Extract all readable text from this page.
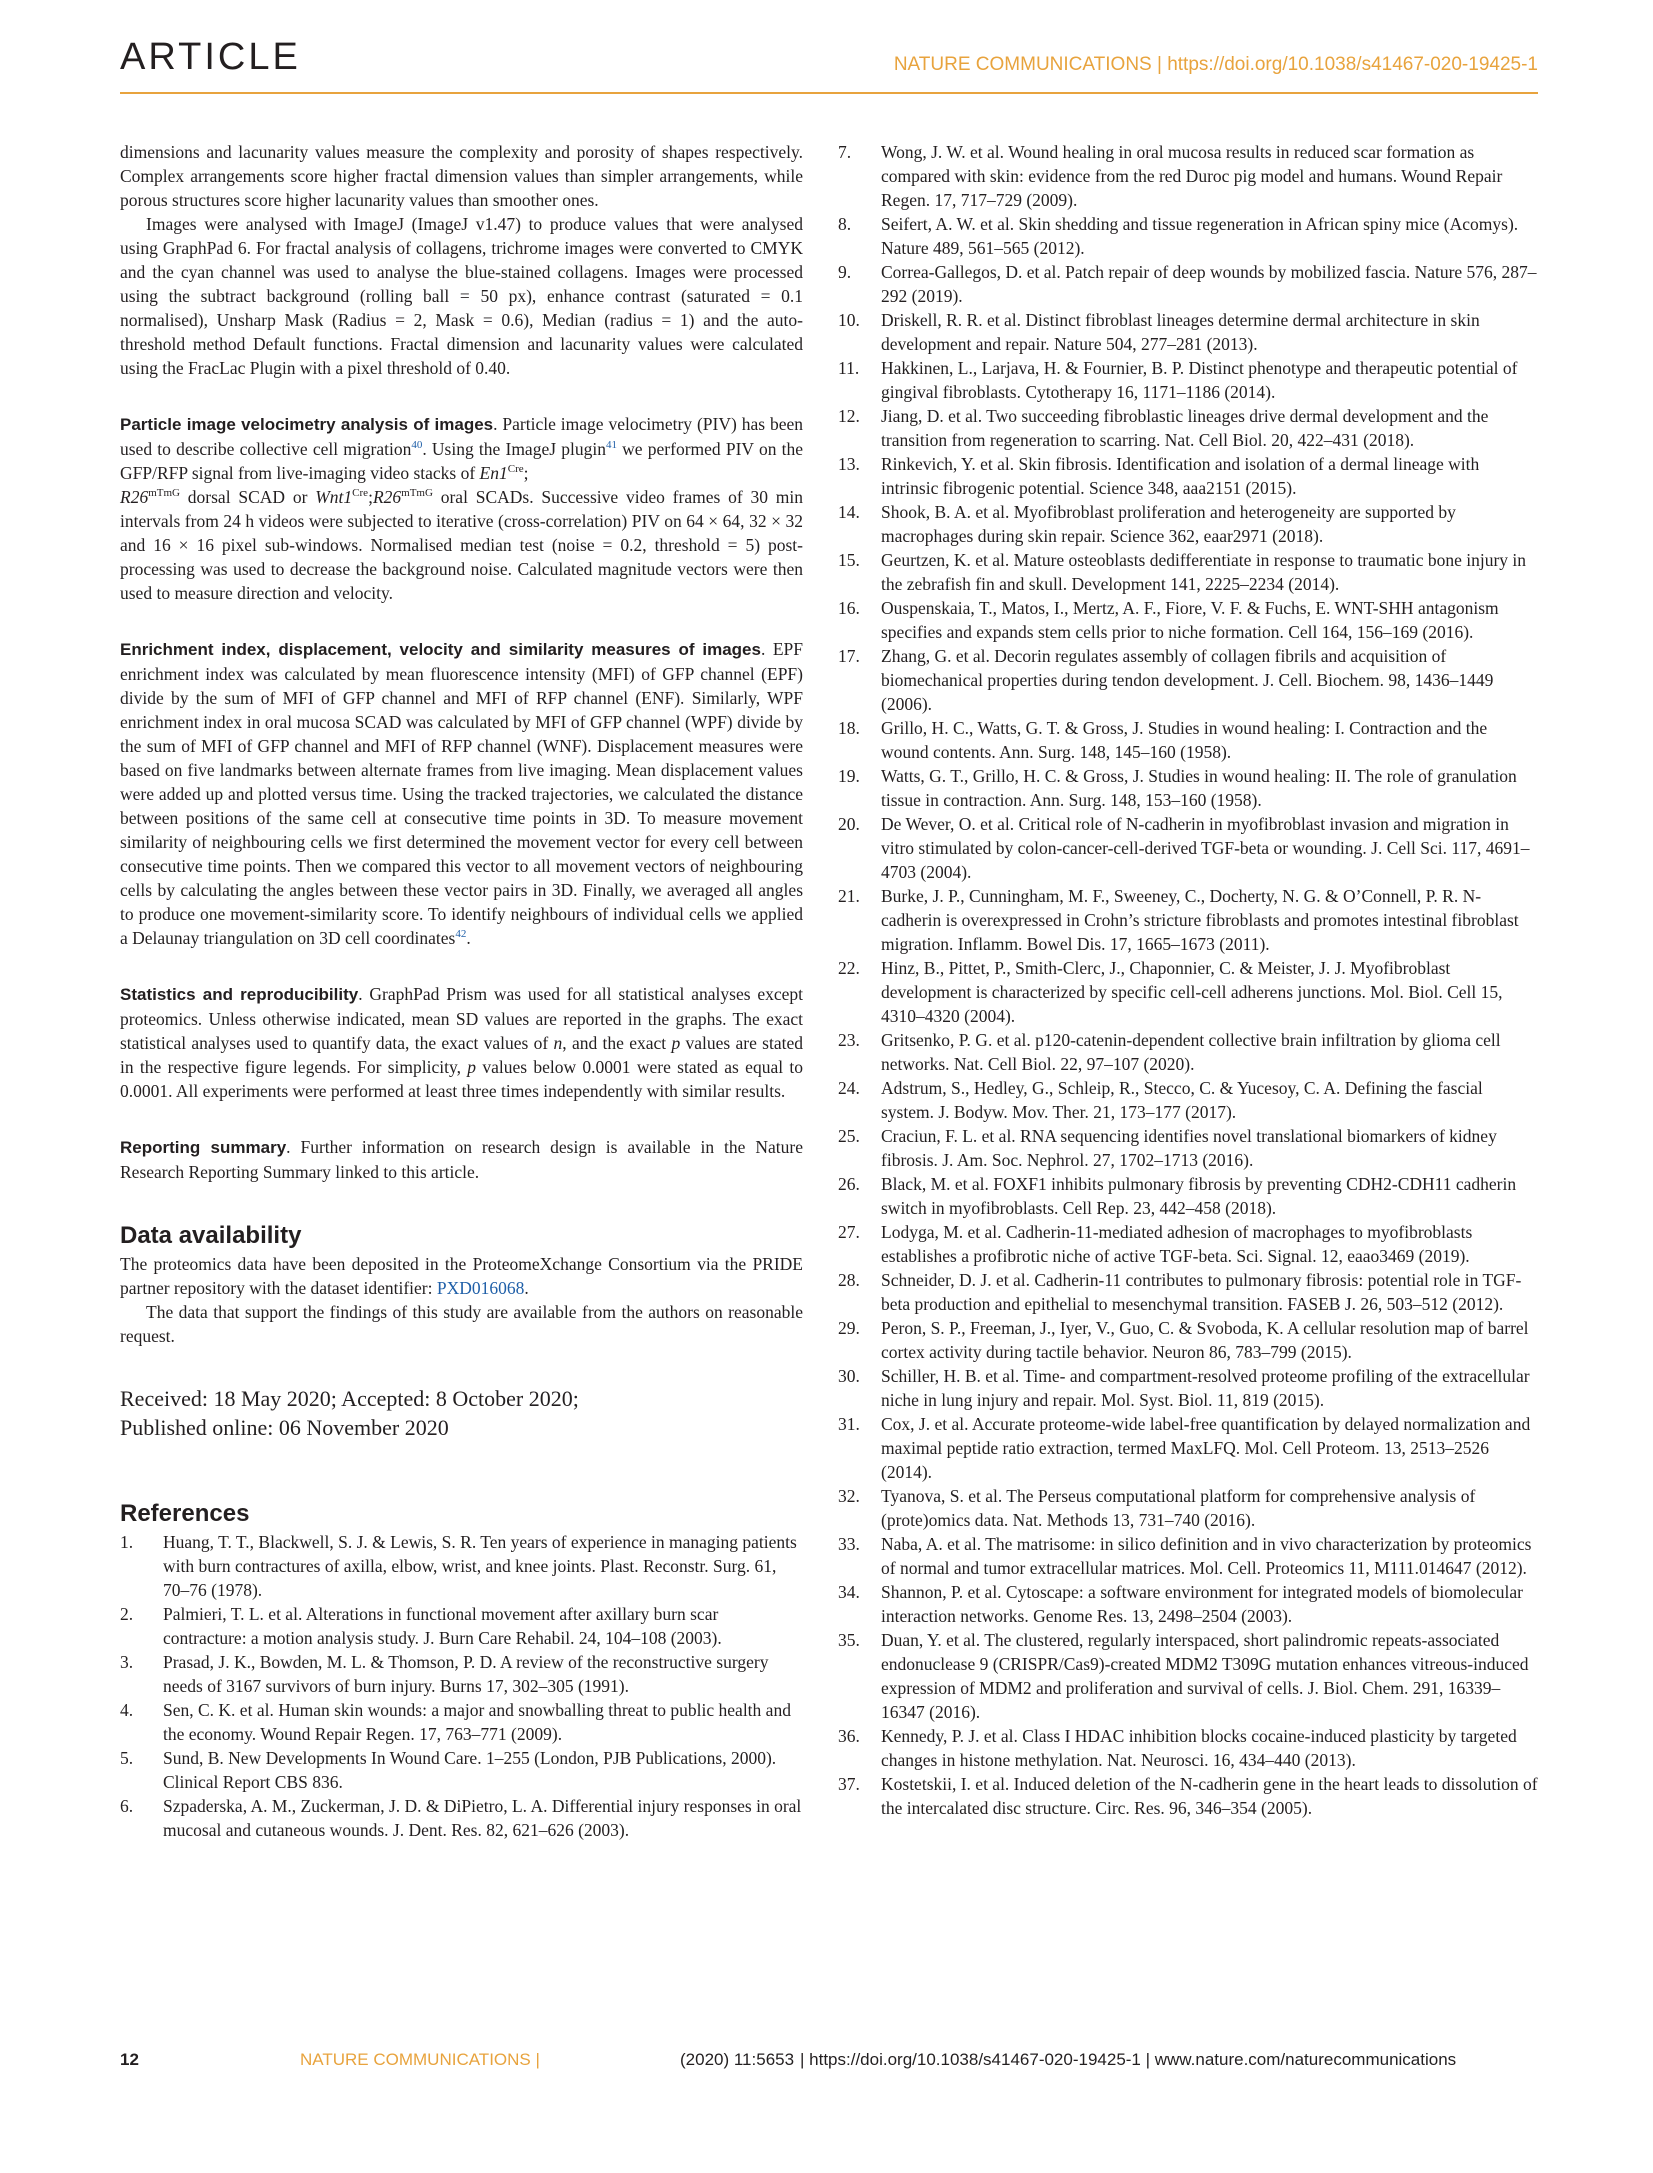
ARTICLE	NATURE COMMUNICATIONS | https://doi.org/10.1038/s41467-020-19425-1

dimensions and lacunarity values measure the complexity and porosity of shapes respectively. Complex arrangements score higher fractal dimension values than simpler arrangements, while porous structures score higher lacunarity values than smoother ones.

Images were analysed with ImageJ (ImageJ v1.47) to produce values that were analysed using GraphPad 6. For fractal analysis of collagens, trichrome images were converted to CMYK and the cyan channel was used to analyse the blue-stained collagens. Images were processed using the subtract background (rolling ball = 50 px), enhance contrast (saturated = 0.1 normalised), Unsharp Mask (Radius = 2, Mask = 0.6), Median (radius = 1) and the auto-threshold method Default functions. Fractal dimension and lacunarity values were calculated using the FracLac Plugin with a pixel threshold of 0.40.

Particle image velocimetry analysis of images. Particle image velocimetry (PIV) has been used to describe collective cell migration$^{40}$. Using the ImageJ plugin$^{41}$ we performed PIV on the GFP/RFP signal from live-imaging video stacks of $En1^{Cre}$;
$R26^{mTmG}$ dorsal SCAD or $Wnt1^{Cre};R26^{mTmG}$ oral SCADs. Successive video frames of 30 min intervals from 24 h videos were subjected to iterative (cross-correlation) PIV on 64 × 64, 32 × 32 and 16 × 16 pixel sub-windows. Normalised median test (noise = 0.2, threshold = 5) post-processing was used to decrease the background noise. Calculated magnitude vectors were then used to measure direction and velocity.

Enrichment index, displacement, velocity and similarity measures of images. EPF enrichment index was calculated by mean fluorescence intensity (MFI) of GFP channel (EPF) divide by the sum of MFI of GFP channel and MFI of RFP channel (ENF). Similarly, WPF enrichment index in oral mucosa SCAD was calculated by MFI of GFP channel (WPF) divide by the sum of MFI of GFP channel and MFI of RFP channel (WNF). Displacement measures were based on five landmarks between alternate frames from live imaging. Mean displacement values were added up and plotted versus time. Using the tracked trajectories, we calculated the distance between positions of the same cell at consecutive time points in 3D. To measure movement similarity of neighbouring cells we first determined the movement vector for every cell between consecutive time points. Then we compared this vector to all movement vectors of neighbouring cells by calculating the angles between these vector pairs in 3D. Finally, we averaged all angles to produce one movement-similarity score. To identify neighbours of individual cells we applied a Delaunay triangulation on 3D cell coordinates$^{42}$.

Statistics and reproducibility. GraphPad Prism was used for all statistical analyses except proteomics. Unless otherwise indicated, mean SD values are reported in the graphs. The exact statistical analyses used to quantify data, the exact values of n, and the exact p values are stated in the respective figure legends. For simplicity, p values below 0.0001 were stated as equal to 0.0001. All experiments were performed at least three times independently with similar results.

Reporting summary. Further information on research design is available in the Nature Research Reporting Summary linked to this article.

Data availability

The proteomics data have been deposited in the ProteomeXchange Consortium via the PRIDE partner repository with the dataset identifier: PXD016068.

The data that support the findings of this study are available from the authors on reasonable request.

Received: 18 May 2020; Accepted: 8 October 2020;
Published online: 06 November 2020
References
1.	Huang, T. T., Blackwell, S. J. & Lewis, S. R. Ten years of experience in managing patients with burn contractures of axilla, elbow, wrist, and knee joints. Plast. Reconstr. Surg. 61, 70–76 (1978).
2.	Palmieri, T. L. et al. Alterations in functional movement after axillary burn scar contracture: a motion analysis study. J. Burn Care Rehabil. 24, 104–108 (2003).
3.	Prasad, J. K., Bowden, M. L. & Thomson, P. D. A review of the reconstructive surgery needs of 3167 survivors of burn injury. Burns 17, 302–305 (1991).
4.	Sen, C. K. et al. Human skin wounds: a major and snowballing threat to public health and the economy. Wound Repair Regen. 17, 763–771 (2009).
5.	Sund, B. New Developments In Wound Care. 1–255 (London, PJB Publications, 2000). Clinical Report CBS 836.
6.	Szpaderska, A. M., Zuckerman, J. D. & DiPietro, L. A. Differential injury responses in oral mucosal and cutaneous wounds. J. Dent. Res. 82, 621–626 (2003).
7.	Wong, J. W. et al. Wound healing in oral mucosa results in reduced scar formation as compared with skin: evidence from the red Duroc pig model and humans. Wound Repair Regen. 17, 717–729 (2009).
8.	Seifert, A. W. et al. Skin shedding and tissue regeneration in African spiny mice (Acomys). Nature 489, 561–565 (2012).
9.	Correa-Gallegos, D. et al. Patch repair of deep wounds by mobilized fascia. Nature 576, 287–292 (2019).
10.	Driskell, R. R. et al. Distinct fibroblast lineages determine dermal architecture in skin development and repair. Nature 504, 277–281 (2013).
11.	Hakkinen, L., Larjava, H. & Fournier, B. P. Distinct phenotype and therapeutic potential of gingival fibroblasts. Cytotherapy 16, 1171–1186 (2014).
12.	Jiang, D. et al. Two succeeding fibroblastic lineages drive dermal development and the transition from regeneration to scarring. Nat. Cell Biol. 20, 422–431 (2018).
13.	Rinkevich, Y. et al. Skin fibrosis. Identification and isolation of a dermal lineage with intrinsic fibrogenic potential. Science 348, aaa2151 (2015).
14.	Shook, B. A. et al. Myofibroblast proliferation and heterogeneity are supported by macrophages during skin repair. Science 362, eaar2971 (2018).
15.	Geurtzen, K. et al. Mature osteoblasts dedifferentiate in response to traumatic bone injury in the zebrafish fin and skull. Development 141, 2225–2234 (2014).
16.	Ouspenskaia, T., Matos, I., Mertz, A. F., Fiore, V. F. & Fuchs, E. WNT-SHH antagonism specifies and expands stem cells prior to niche formation. Cell 164, 156–169 (2016).
17.	Zhang, G. et al. Decorin regulates assembly of collagen fibrils and acquisition of biomechanical properties during tendon development. J. Cell. Biochem. 98, 1436–1449 (2006).
18.	Grillo, H. C., Watts, G. T. & Gross, J. Studies in wound healing: I. Contraction and the wound contents. Ann. Surg. 148, 145–160 (1958).
19.	Watts, G. T., Grillo, H. C. & Gross, J. Studies in wound healing: II. The role of granulation tissue in contraction. Ann. Surg. 148, 153–160 (1958).
20.	De Wever, O. et al. Critical role of N-cadherin in myofibroblast invasion and migration in vitro stimulated by colon-cancer-cell-derived TGF-beta or wounding. J. Cell Sci. 117, 4691–4703 (2004).
21.	Burke, J. P., Cunningham, M. F., Sweeney, C., Docherty, N. G. & O’Connell, P. R. N-cadherin is overexpressed in Crohn’s stricture fibroblasts and promotes intestinal fibroblast migration. Inflamm. Bowel Dis. 17, 1665–1673 (2011).
22.	Hinz, B., Pittet, P., Smith-Clerc, J., Chaponnier, C. & Meister, J. J. Myofibroblast development is characterized by specific cell-cell adherens junctions. Mol. Biol. Cell 15, 4310–4320 (2004).
23.	Gritsenko, P. G. et al. p120-catenin-dependent collective brain infiltration by glioma cell networks. Nat. Cell Biol. 22, 97–107 (2020).
24.	Adstrum, S., Hedley, G., Schleip, R., Stecco, C. & Yucesoy, C. A. Defining the fascial system. J. Bodyw. Mov. Ther. 21, 173–177 (2017).
25.	Craciun, F. L. et al. RNA sequencing identifies novel translational biomarkers of kidney fibrosis. J. Am. Soc. Nephrol. 27, 1702–1713 (2016).
26.	Black, M. et al. FOXF1 inhibits pulmonary fibrosis by preventing CDH2-CDH11 cadherin switch in myofibroblasts. Cell Rep. 23, 442–458 (2018).
27.	Lodyga, M. et al. Cadherin-11-mediated adhesion of macrophages to myofibroblasts establishes a profibrotic niche of active TGF-beta. Sci. Signal. 12, eaao3469 (2019).
28.	Schneider, D. J. et al. Cadherin-11 contributes to pulmonary fibrosis: potential role in TGF-beta production and epithelial to mesenchymal transition. FASEB J. 26, 503–512 (2012).
29.	Peron, S. P., Freeman, J., Iyer, V., Guo, C. & Svoboda, K. A cellular resolution map of barrel cortex activity during tactile behavior. Neuron 86, 783–799 (2015).
30.	Schiller, H. B. et al. Time- and compartment-resolved proteome profiling of the extracellular niche in lung injury and repair. Mol. Syst. Biol. 11, 819 (2015).
31.	Cox, J. et al. Accurate proteome-wide label-free quantification by delayed normalization and maximal peptide ratio extraction, termed MaxLFQ. Mol. Cell Proteom. 13, 2513–2526 (2014).
32.	Tyanova, S. et al. The Perseus computational platform for comprehensive analysis of (prote)omics data. Nat. Methods 13, 731–740 (2016).
33.	Naba, A. et al. The matrisome: in silico definition and in vivo characterization by proteomics of normal and tumor extracellular matrices. Mol. Cell. Proteomics 11, M111.014647 (2012).
34.	Shannon, P. et al. Cytoscape: a software environment for integrated models of biomolecular interaction networks. Genome Res. 13, 2498–2504 (2003).
35.	Duan, Y. et al. The clustered, regularly interspaced, short palindromic repeats-associated endonuclease 9 (CRISPR/Cas9)-created MDM2 T309G mutation enhances vitreous-induced expression of MDM2 and proliferation and survival of cells. J. Biol. Chem. 291, 16339–16347 (2016).
36.	Kennedy, P. J. et al. Class I HDAC inhibition blocks cocaine-induced plasticity by targeted changes in histone methylation. Nat. Neurosci. 16, 434–440 (2013).
37.	Kostetskii, I. et al. Induced deletion of the N-cadherin gene in the heart leads to dissolution of the intercalated disc structure. Circ. Res. 96, 346–354 (2005).
12	NATURE COMMUNICATIONS |	(2020) 11:5653 | https://doi.org/10.1038/s41467-020-19425-1 | www.nature.com/naturecommunications
